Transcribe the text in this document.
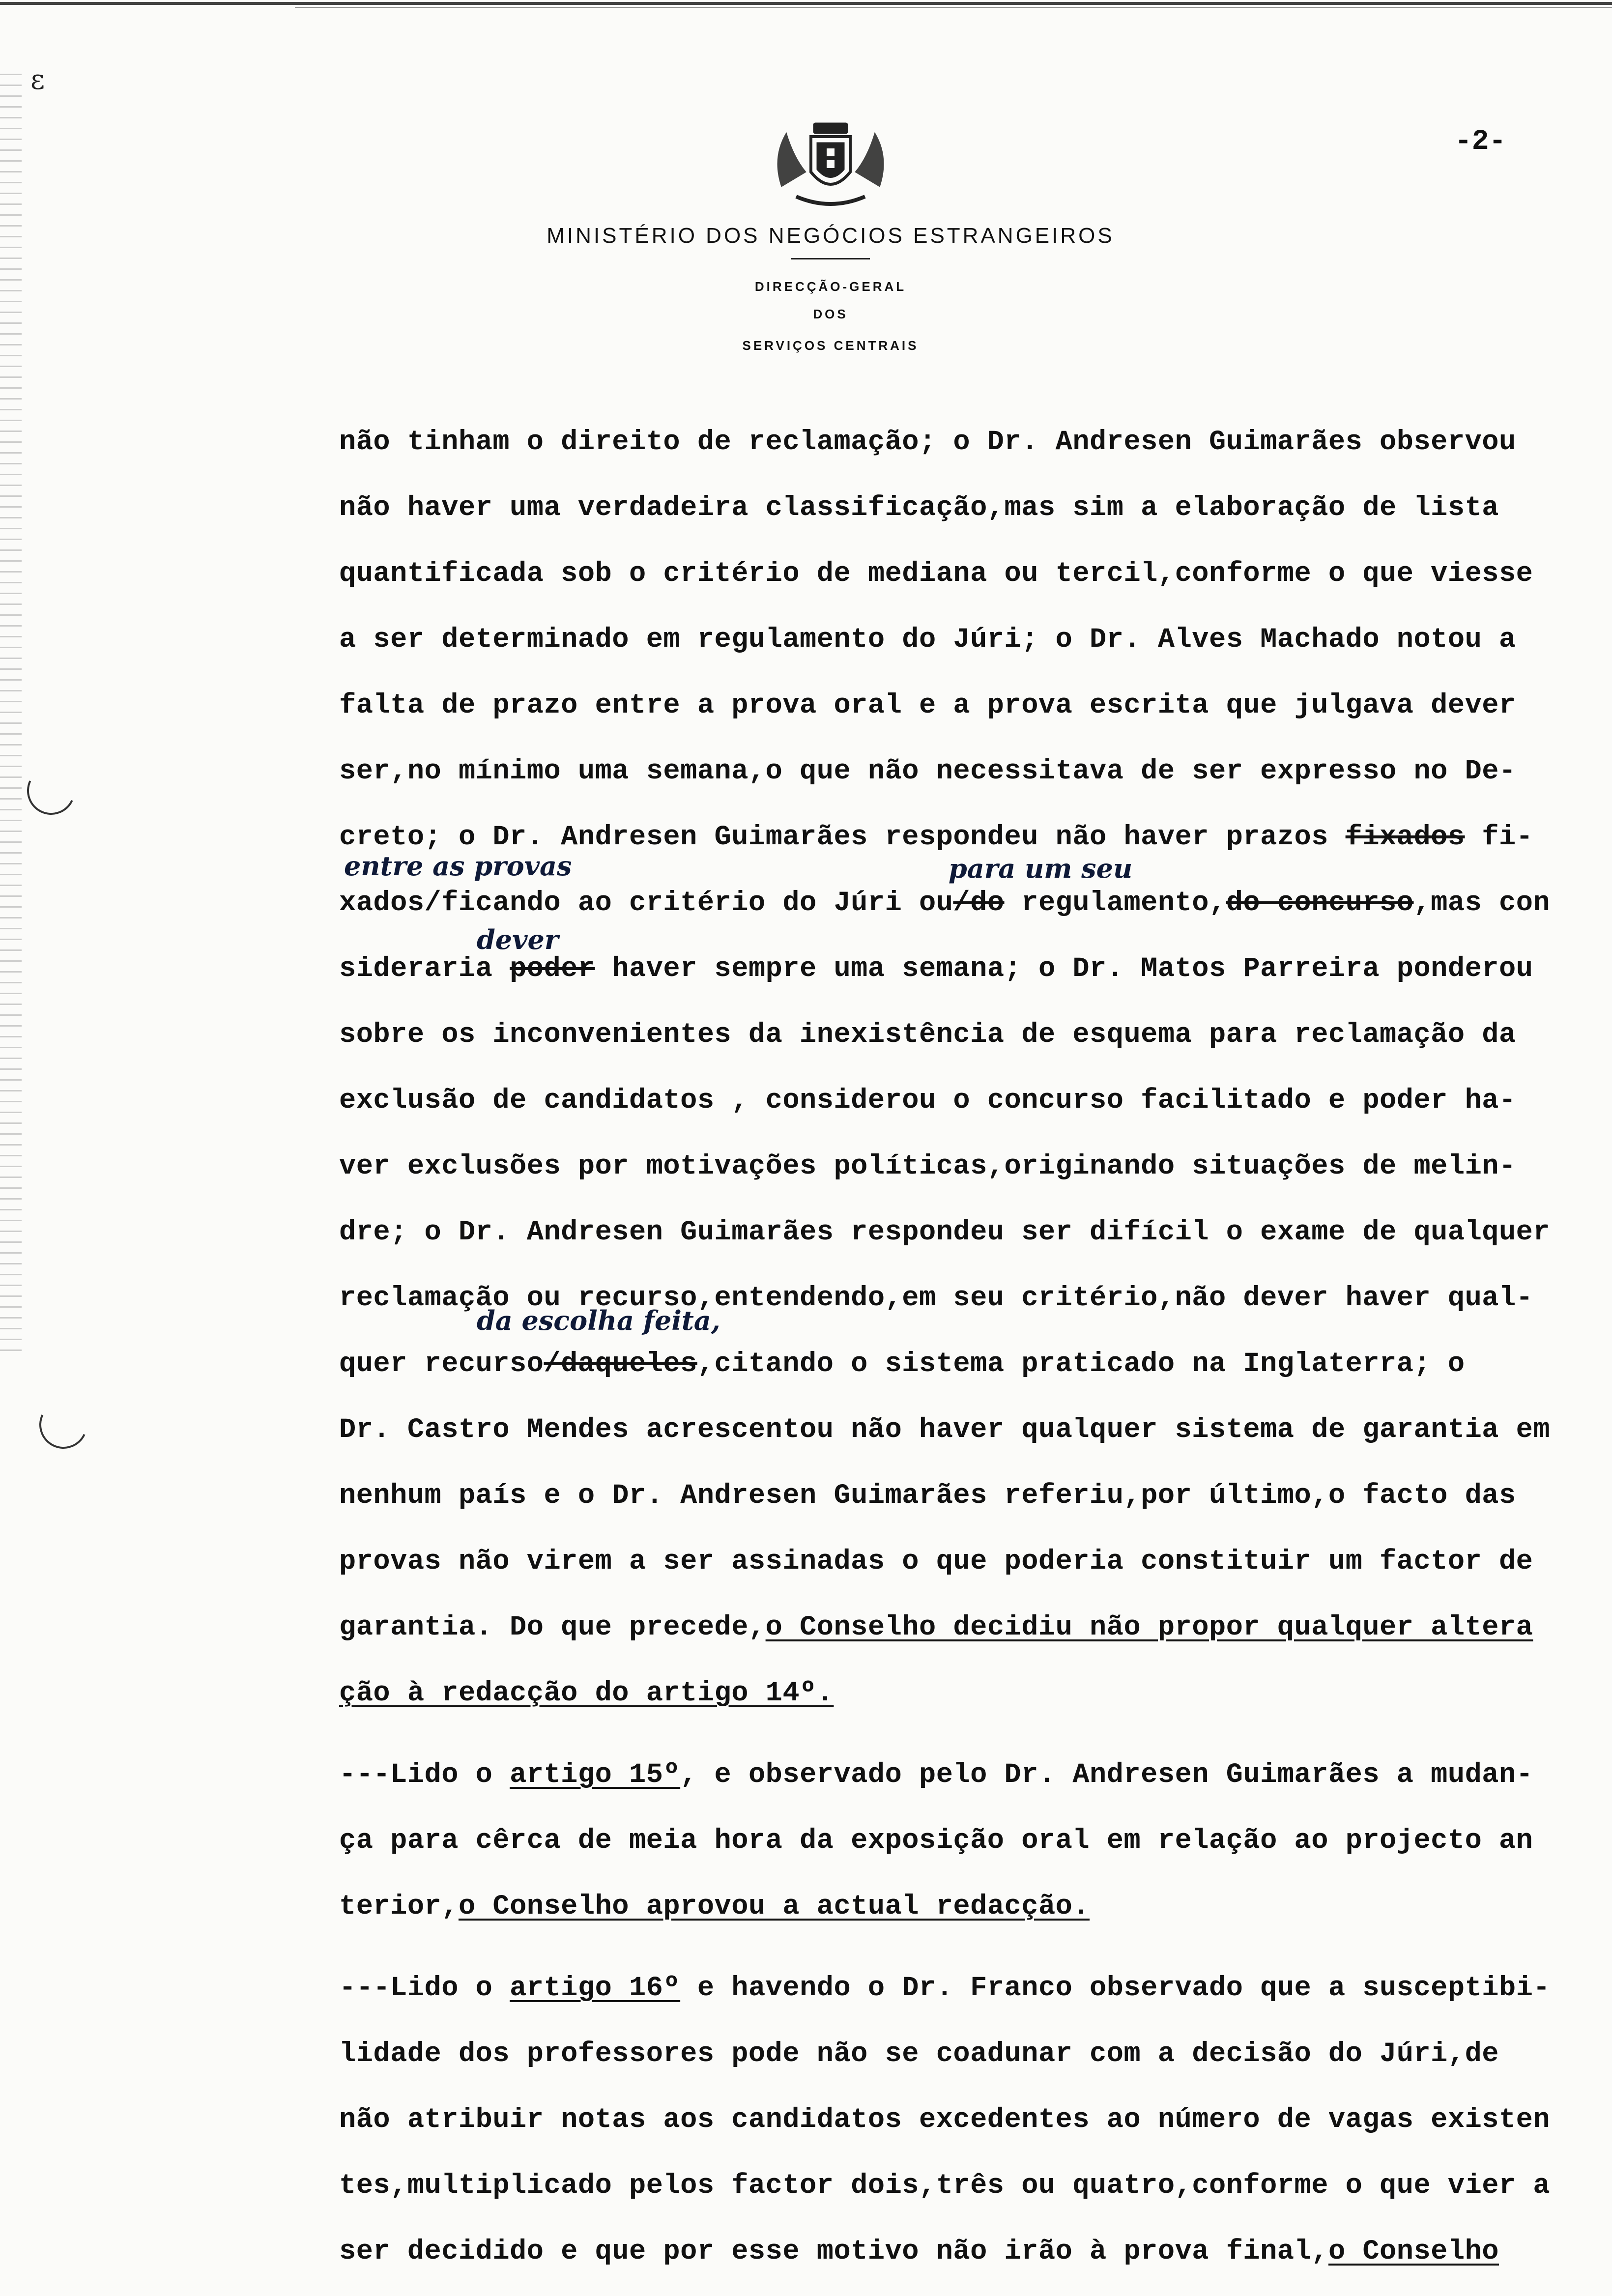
ε
-2-
MINISTÉRIO DOS NEGÓCIOS ESTRANGEIROS
DIRECÇÃO-GERAL
DOS
SERVIÇOS CENTRAIS
não tinham o direito de reclamação; o Dr. Andresen Guimarães observou
não haver uma verdadeira classificação,mas sim a elaboração de lista
quantificada sob o critério de mediana ou tercil,conforme o que viesse
a ser determinado em regulamento do Júri; o Dr. Alves Machado notou a
falta de prazo entre a prova oral e a prova escrita que julgava dever
ser,no mínimo uma semana,o que não necessitava de ser expresso no De-
creto; o Dr. Andresen Guimarães respondeu não haver prazos fixados fi-
xados/ficando ao critério do Júri ou/do regulamento,do concurso,mas con
sideraria poder haver sempre uma semana; o Dr. Matos Parreira ponderou
sobre os inconvenientes da inexistência de esquema para reclamação da
exclusão de candidatos , considerou o concurso facilitado e poder ha-
ver exclusões por motivações políticas,originando situações de melin-
dre; o Dr. Andresen Guimarães respondeu ser difícil o exame de qualquer
reclamação ou recurso,entendendo,em seu critério,não dever haver qual-
quer recurso/daqueles,citando o sistema praticado na Inglaterra; o
Dr. Castro Mendes acrescentou não haver qualquer sistema de garantia em
nenhum país e o Dr. Andresen Guimarães referiu,por último,o facto das
provas não virem a ser assinadas o que poderia constituir um factor de
garantia. Do que precede,o Conselho decidiu não propor qualquer altera
ção à redacção do artigo 14º.
---Lido o artigo 15º, e observado pelo Dr. Andresen Guimarães a mudan-
ça para cêrca de meia hora da exposição oral em relação ao projecto an
terior,o Conselho aprovou a actual redacção.
---Lido o artigo 16º e havendo o Dr. Franco observado que a susceptibi-
lidade dos professores pode não se coadunar com a decisão do Júri,de
não atribuir notas aos candidatos excedentes ao número de vagas existen
tes,multiplicado pelos factor dois,três ou quatro,conforme o que vier a
ser decidido e que por esse motivo não irão à prova final,o Conselho
entre as provas	para um seu
dever
da escolha feita,
